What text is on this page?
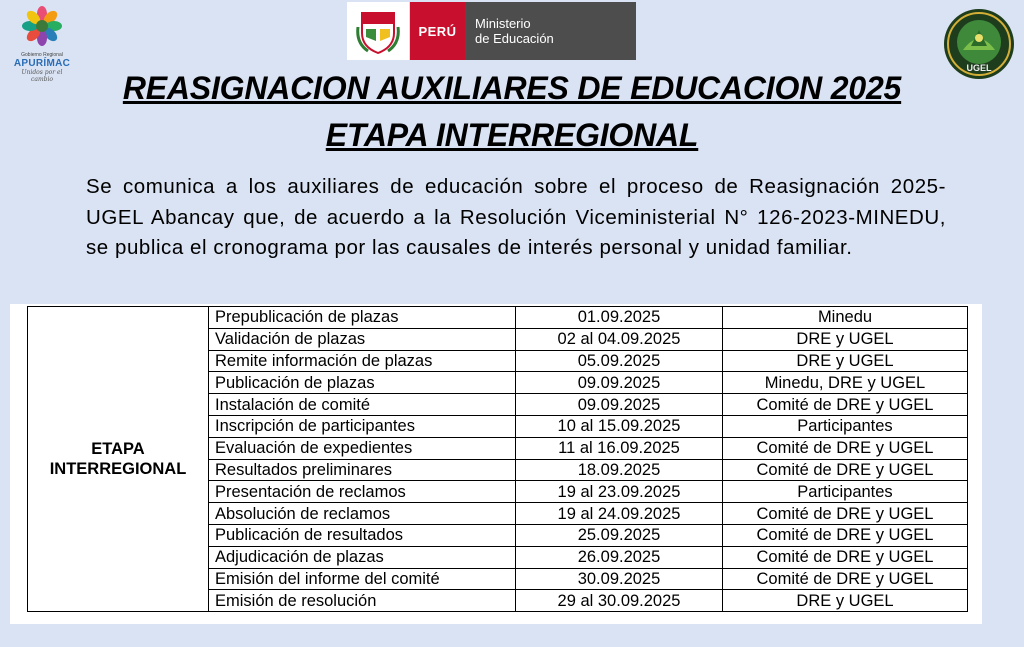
Gobierno Regional
APURÍMAC
Unidos por el cambio
PERÚ	Ministerio
de Educación
UGEL
REASIGNACION AUXILIARES DE EDUCACION 2025
ETAPA INTERREGIONAL

Se comunica a los auxiliares de educación sobre el proceso de Reasignación 2025-UGEL Abancay que, de acuerdo a la Resolución Viceministerial N° 126-2023-MINEDU, se publica el cronograma por las causales de interés personal y unidad familiar.

ETAPA
INTERREGIONAL	Prepublicación de plazas	01.09.2025	Minedu
	Validación de plazas	02 al 04.09.2025	DRE y UGEL
	Remite información de plazas	05.09.2025	DRE y UGEL
	Publicación de plazas	09.09.2025	Minedu, DRE y UGEL
	Instalación de comité	09.09.2025	Comité de DRE y UGEL
	Inscripción de participantes	10 al 15.09.2025	Participantes
	Evaluación de expedientes	11 al 16.09.2025	Comité de DRE y UGEL
	Resultados preliminares	18.09.2025	Comité de DRE y UGEL
	Presentación de reclamos	19 al 23.09.2025	Participantes
	Absolución de reclamos	19 al 24.09.2025	Comité de DRE y UGEL
	Publicación de resultados	25.09.2025	Comité de DRE y UGEL
	Adjudicación de plazas	26.09.2025	Comité de DRE y UGEL
	Emisión del informe del comité	30.09.2025	Comité de DRE y UGEL
	Emisión de resolución	29 al 30.09.2025	DRE y UGEL
